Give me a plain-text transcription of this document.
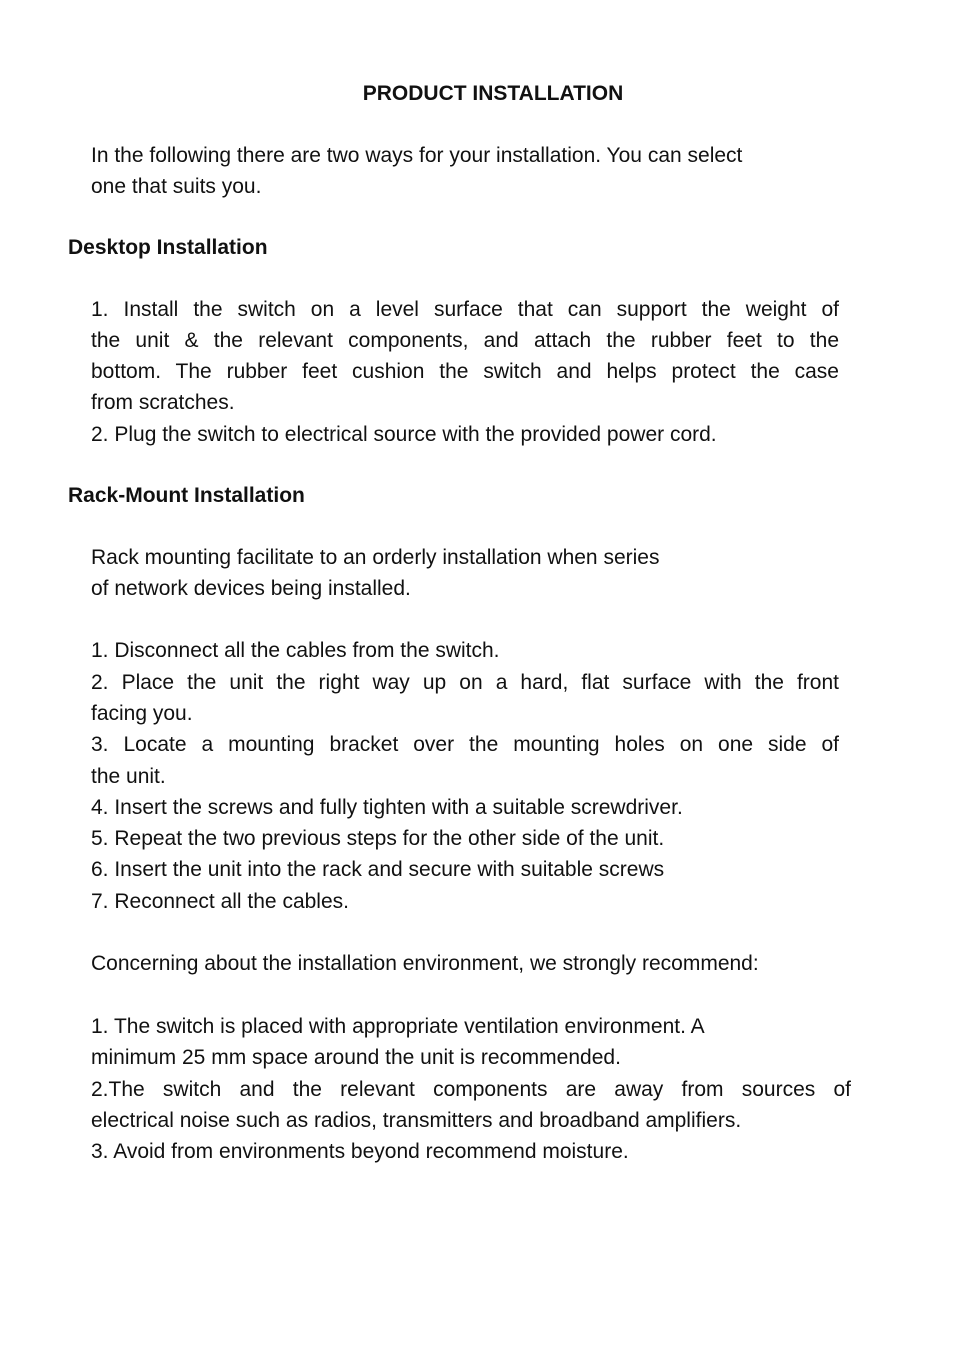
PRODUCT INSTALLATION
In the following there are two ways for your installation. You can select
one that suits you.
Desktop Installation
1. Install the switch on a level surface that can support the weight of
the unit & the relevant components, and attach the rubber feet to the
bottom. The rubber feet cushion the switch and helps protect the case
from scratches.
2. Plug the switch to electrical source with the provided power cord.
Rack-Mount Installation
Rack mounting facilitate to an orderly installation when series
of network devices being installed.
1. Disconnect all the cables from the switch.
2. Place the unit the right way up on a hard, flat surface with the front
facing you.
3. Locate a mounting bracket over the mounting holes on one side of
the unit.
4. Insert the screws and fully tighten with a suitable screwdriver.
5. Repeat the two previous steps for the other side of the unit.
6. Insert the unit into the rack and secure with suitable screws
7. Reconnect all the cables.
Concerning about the installation environment, we strongly recommend:
1. The switch is placed with appropriate ventilation environment. A
minimum 25 mm space around the unit is recommended.
2.The switch and the relevant components are away from sources of
electrical noise such as radios, transmitters and broadband amplifiers.
3. Avoid from environments beyond recommend moisture.
